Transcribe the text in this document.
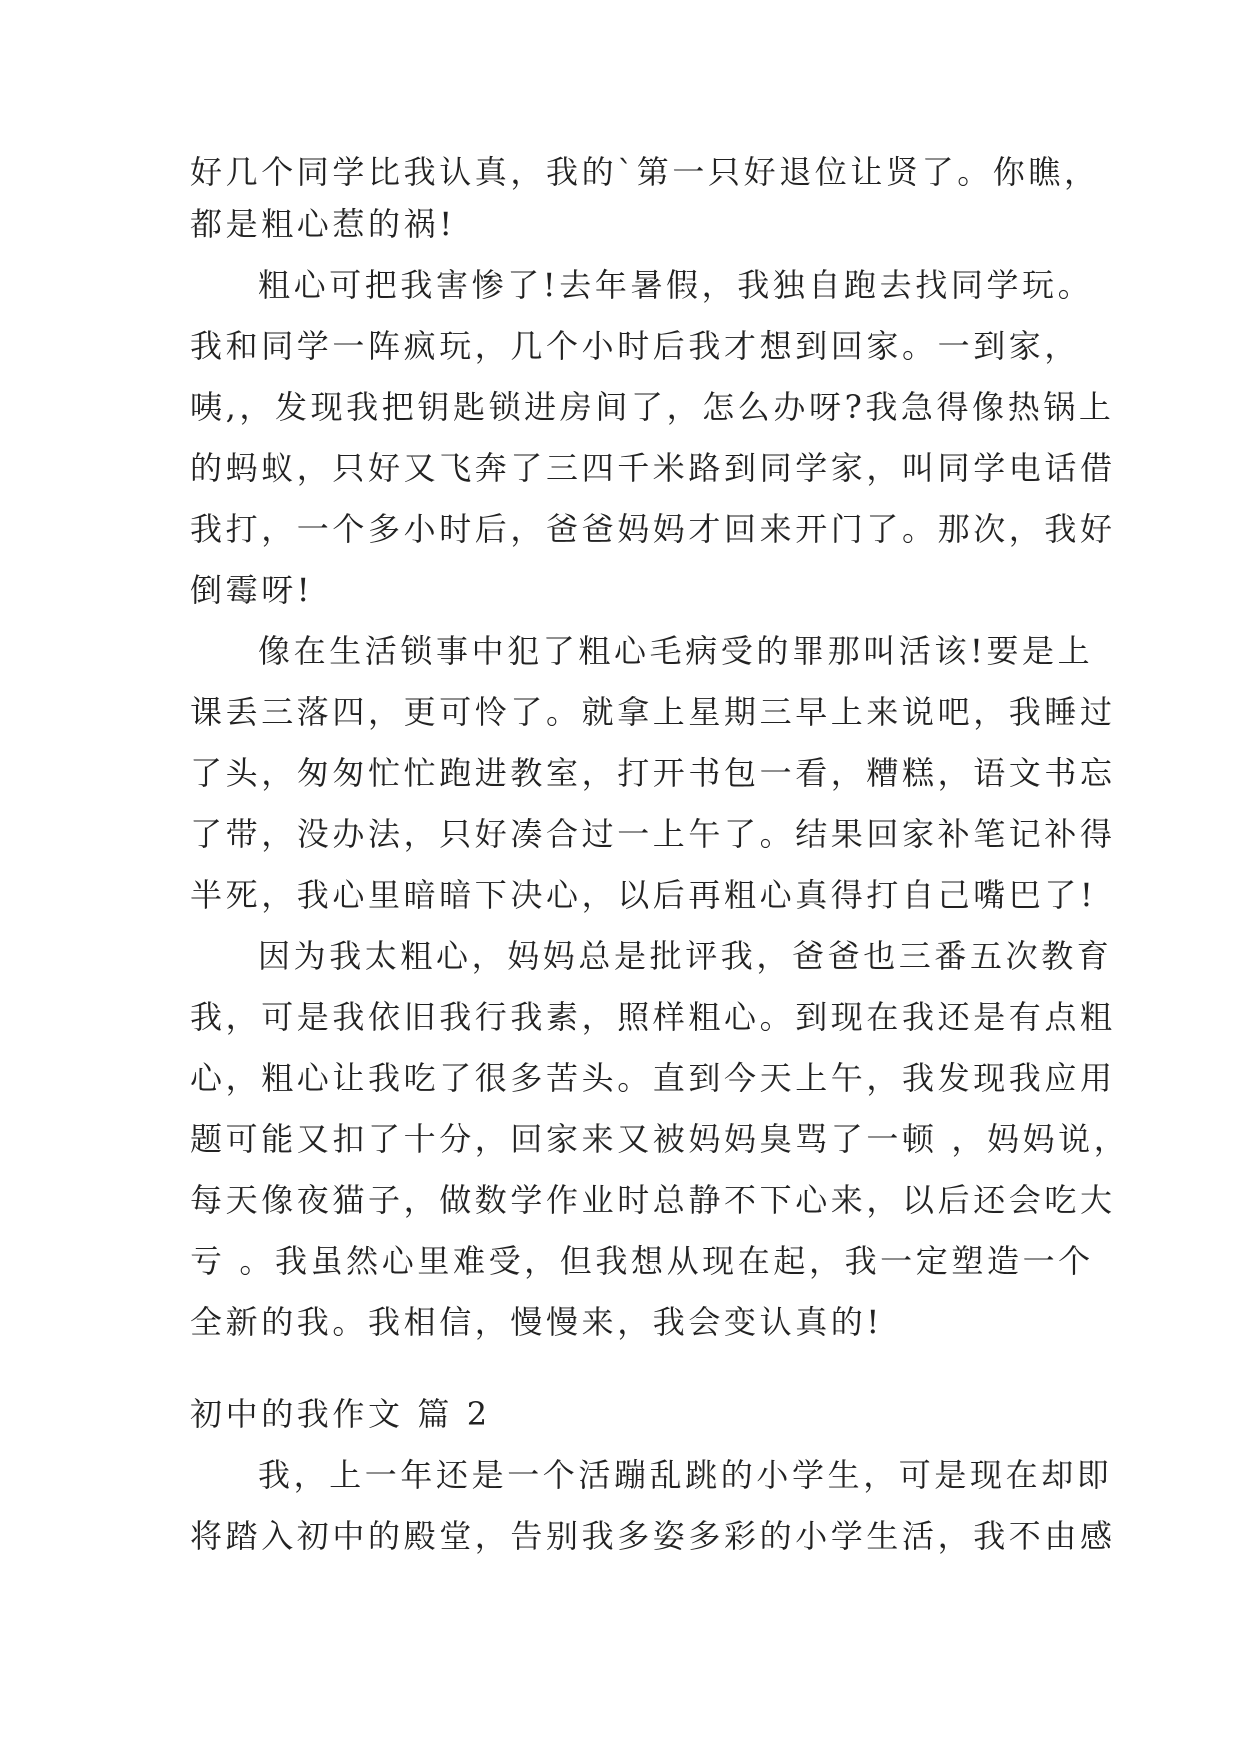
好几个同学比我认真，我的`第一只好退位让贤了。你瞧，
都是粗心惹的祸!
粗心可把我害惨了!去年暑假，我独自跑去找同学玩。
我和同学一阵疯玩，几个小时后我才想到回家。一到家，
咦,，发现我把钥匙锁进房间了，怎么办呀?我急得像热锅上
的蚂蚁，只好又飞奔了三四千米路到同学家，叫同学电话借
我打，一个多小时后，爸爸妈妈才回来开门了。那次，我好
倒霉呀!
像在生活锁事中犯了粗心毛病受的罪那叫活该!要是上
课丢三落四，更可怜了。就拿上星期三早上来说吧，我睡过
了头，匆匆忙忙跑进教室，打开书包一看，糟糕，语文书忘
了带，没办法，只好凑合过一上午了。结果回家补笔记补得
半死，我心里暗暗下决心，以后再粗心真得打自己嘴巴了!
因为我太粗心，妈妈总是批评我，爸爸也三番五次教育
我，可是我依旧我行我素，照样粗心。到现在我还是有点粗
心，粗心让我吃了很多苦头。直到今天上午，我发现我应用
题可能又扣了十分，回家来又被妈妈臭骂了一顿 ，妈妈说，
每天像夜猫子，做数学作业时总静不下心来，以后还会吃大
亏 。我虽然心里难受，但我想从现在起，我一定塑造一个
全新的我。我相信，慢慢来，我会变认真的!
初中的我作文 篇 2
我，上一年还是一个活蹦乱跳的小学生，可是现在却即
将踏入初中的殿堂，告别我多姿多彩的小学生活，我不由感
